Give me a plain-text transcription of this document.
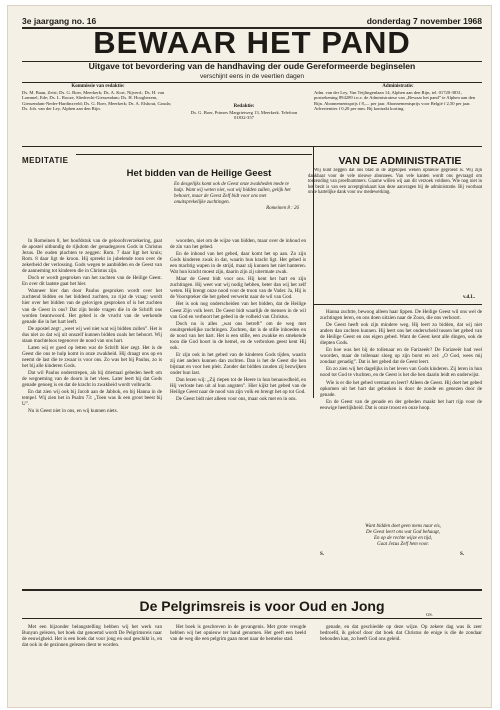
3e jaargang no. 16	donderdag 7 november 1968
BEWAAR HET PAND
Uitgave tot bevordering van de handhaving der oude Gereformeerde beginselen
verschijnt eens in de veertien dagen
Kommissie van redaktie:
Ds. M. Baan, Zeist; Ds. G. Boer, Meerkerk; Ds. A. Kort, Nijverd.; Ds. H. van Lommel, Ede; Ds. L. Rooze, Sliedrecht-Giessendam; Ds. H. Hoogbezem, Giessendam-Neder-Hardinxveld; Ds. G. Boer, Meerkerk; Ds. A. Elshout, Gouda; Ds. Joh. van der Ley, Alphen aan den Rijn.	Redaktie:
Ds. G. Boer, Prinses Margrietweg 13, Meerkerk. Telefoon 01832-357
Administratie:
Adm. van der Ley, Van Teijlingenlaan 14, Alphen aan den Rijn, tel. 01720-3831, postrekening 894289 t.n.v. de Administrateur van „Bewaar het pand” te Alphen aan den Rijn. Abonnementsprijs f 8,— per jaar. Abonnementsprijs voor België f 2,50 per jaar. Advertenties f 0,20 per mm. Bij kontrakt korting.
MEDITATIE	VAN DE ADMINISTRATIE
Het bidden van de Heilige Geest
En desgelijks komt ook de Geest onze zwakheden mede te hulp. Want wij weten niet, wat wij bidden zullen, gelijk het behoort, maar de Geest Zelf bidt voor ons met onuitsprekelijke zuchtingen.
Romeinen 8 : 26

Wij kunt zeggen dat ons blad in de afgelopen weken opnieuw gegroeid is. Wij zijn dankbaar voor de vele nieuwe abonnees. Van vele kanten wordt ons gevraagd om toezending van proefnummers. Gaarne willen wij aan dit verzoek voldoen. Wie nog niet in het bezit is van een acceptgirokaart kan deze aanvragen bij de administratie. Bij voorbaat onze hartelijke dank voor uw medewerking.

v.d.L.

In Romeinen 8, het hoofdstuk van de gelooofsverzekering, gaat de apostel uitbundig de rijkdom der genadegaven Gods in Christus Jezus. De ouden plachten te zeggen: Rom. 7 daar ligt het kruis; Rom. 8 daar ligt de kroon. Hij spreekt in jubelende toon over de zekerheid der verlossing. Gods wegen te aanbidden en de Geest van de aanneming tot kinderen die in Christus zijn.

Doch er wordt gesproken van het zuchten van de Heilige Geest. En over dit laatste gaat het hier.

Wanneer hier dan door Paulus gesproken wordt over het zuchtend bidden en het biddend zuchten, zo rijst de vraag: wordt hier over het bidden van de gelovigen gesproken of is het zuchten van de Geest in ons? Dat zijn beide vragen die in de Schrift ons worden beantwoord. Het gebed is de vrucht van de werkende genade die in het hart leeft.

De apostel zegt: „weet wij wel niet wat wij bidden zullen”. Het is dus niet zo dat wij uit onszelf kunnen bidden zoals het behoort. Wij staan machteloos tegenover de nood van ons hart.

Laten wij er goed op letten wat de Schrift hier zegt. Het is de Geest die ons te hulp komt in onze zwakheid. Hij draagt ons op en neemt de last die te zwaar is voor ons. Zo was het bij Paulus, zo is het bij alle kinderen Gods.

Dat wil Paulus onderstrepen, als hij driemaal gebeden heeft om de wegneming van de doorn in het vlees. Later leert hij dat Gods genade genoeg is en dat de kracht in zwakheid wordt volbracht.

En dat zien wij ook bij Jacob aan de Jabbok, en bij Hanna in de tempel. Wij zien het in Psalm 73: „Toen was ik een groot beest bij U”.

Nu is Geest niet in ons, en wij kunnen niets.

woorden, niet om de wijze van bidden, maar over de inhoud en de zin van het gebed.

En de inhoud van het gebed, daar komt het op aan. Zo zijn Gods kinderen zwak in dat, waarin hun kracht ligt. Het gebed is een machtig wapen in de strijd, maar zij kunnen het niet hanteren. Wat hun kracht moest zijn, daarin zijn zij uitermate zwak.

Maar de Geest bidt voor ons. Hij kent het hart en zijn zuchtingen. Hij weet wat wij nodig hebben, beter dan wij het zelf weten. Hij brengt onze nood voor de troon van de Vader. Ja, Hij is de Voorspreker die het gebed verwerkt naar de wil van God.

Het is ook nog onderscheiden van het bidden, dat de Heilige Geest Zijn volk leert. De Geest bidt waarlijk de mensen in de wil van God en verhoort het gebed in de volheid van Christus.

Doch nu is alles „wat ons betreft” om de weg met onuitsprekelijke zuchtingen. Zuchten, dat is de stille inboeden en de nood van het hart. Het is een stille, een zwakke en smekende toon die God hoort in de hemel, en de verbroken geest kent Hij ook.

Er zijn ook in het gebed van de kinderen Gods tijden, waarin zij niet anders kunnen dan zuchten. Dan is het de Geest die hen bijstaat en voor hen pleit. Zonder dat bidden zouden zij bezwijken onder hun last.

Dan lezen wij: „Zij riepen tot de Heere in hun benauwdheid, en Hij verloste hen uit al hun angsten”. Hier kijkt het gebed van de Heilige Geest naar de nood van zijn volk en brengt het op tot God.

De Geest bidt niet alleen voor ons, maar ook met en in ons.

Hanna zuchtte, bewoog alleen haar lippen. De Heilige Geest wil ons wel de zuchtingen leren, en ons doen uitzien naar de Zoon, die ons verhoort.

De Geest heeft ook zijn mindere weg. Hij leert zo bidden, dat wij niet anders dan zuchten kunnen. Hij leert ons het onderscheid tussen het gebed van de Heilige Geest en ons eigen gebed. Want de Geest kent alle dingen, ook de diepten Gods.

En hoe was het bij de tollenaar en de Farizeeër? De Farizeeër bad veel woorden, maar de tollenaar sloeg op zijn borst en zei: „O God, wees mij zondaar genadig”. Dat is het gebed dat de Geest leert.

En zo zien wij het dagelijks in het leven van Gods kinderen. Zij leren in hun nood tot God te vluchten, en de Geest is het die hen daarin leidt en onderwijst.

Wie is er die het gebed verstaat en leert? Alleen de Geest. Hij doet het gebed opkomen uit het hart dat gebroken is door de zonde en genezen door de genade.

En de Geest van de genade en der gebeden maakt het hart rijp voor de eeuwige heerlijkheid. Dat is onze troost en onze hoop.

Want bidden doet geen mens naar eis,
De Geest leert ons wat God behaagt,
En op de rechte wijze en tijd,
Gaat Jezus Zelf hem voor.
S.	S.
De Pelgrimsreis is voor Oud en Jong
GS.

Met een bijzonder belangstelling hebben wij het werk van Bunyan gelezen, het boek dat genoemd wordt De Pelgrimsreis naar de eeuwigheid. Het is een boek dat voor jong en oud geschikt is, en dat ook in de gezinnen gelezen dient te worden.

Het boek is geschreven in de gevangenis. Met grote vreugde hebben wij het opnieuw ter hand genomen. Het geeft een beeld van de weg die een pelgrim gaan moet naar de hemelse stad.

genade, en dat geschiedde op deze wijze. Op zekere dag was ik zeer bedroefd, ik geloof door dat boek dat Christus de enige is die de zondaar behouden kan, zo heeft God ons geleid.
